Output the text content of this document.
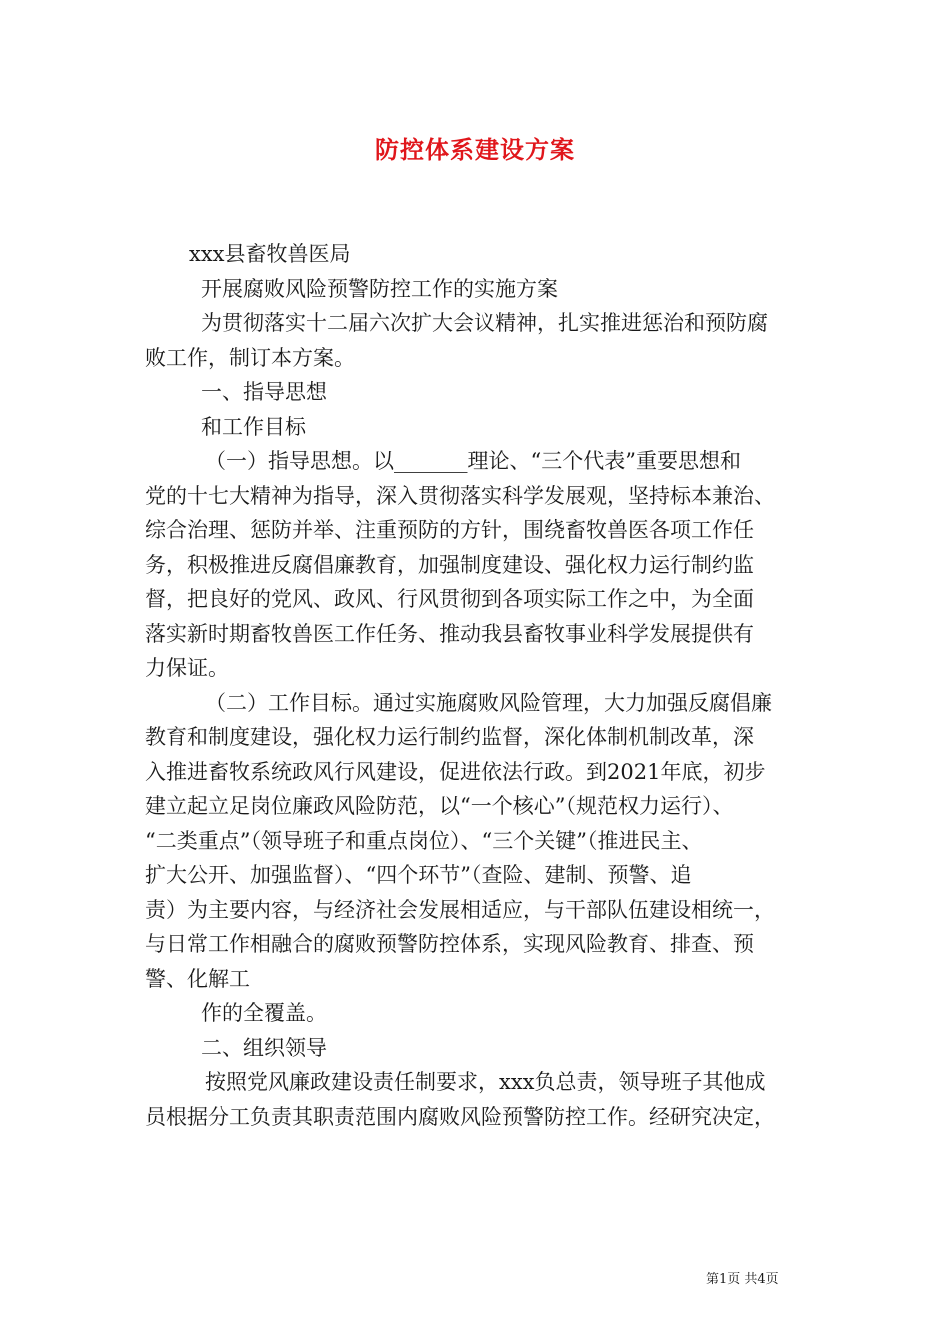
防控体系建设方案
xxx县畜牧兽医局
开展腐败风险预警防控工作的实施方案
为贯彻落实十二届六次扩大会议精神，扎实推进惩治和预防腐
败工作，制订本方案。
一、指导思想
和工作目标
（一）指导思想。以_______理论、“三个代表”重要思想和
党的十七大精神为指导，深入贯彻落实科学发展观，坚持标本兼治、
综合治理、惩防并举、注重预防的方针，围绕畜牧兽医各项工作任
务，积极推进反腐倡廉教育，加强制度建设、强化权力运行制约监
督，把良好的党风、政风、行风贯彻到各项实际工作之中，为全面
落实新时期畜牧兽医工作任务、推动我县畜牧事业科学发展提供有
力保证。
（二）工作目标。通过实施腐败风险管理，大力加强反腐倡廉
教育和制度建设，强化权力运行制约监督，深化体制机制改革，深
入推进畜牧系统政风行风建设，促进依法行政。到2021年底，初步
建立起立足岗位廉政风险防范，以“一个核心”（规范权力运行）、
“二类重点”（领导班子和重点岗位）、“三个关键”（推进民主、
扩大公开、加强监督）、“四个环节”（查险、建制、预警、追
责）为主要内容，与经济社会发展相适应，与干部队伍建设相统一，
与日常工作相融合的腐败预警防控体系，实现风险教育、排查、预
警、化解工
作的全覆盖。
二、组织领导
按照党风廉政建设责任制要求，xxx负总责，领导班子其他成
员根据分工负责其职责范围内腐败风险预警防控工作。经研究决定，
第1页 共4页
